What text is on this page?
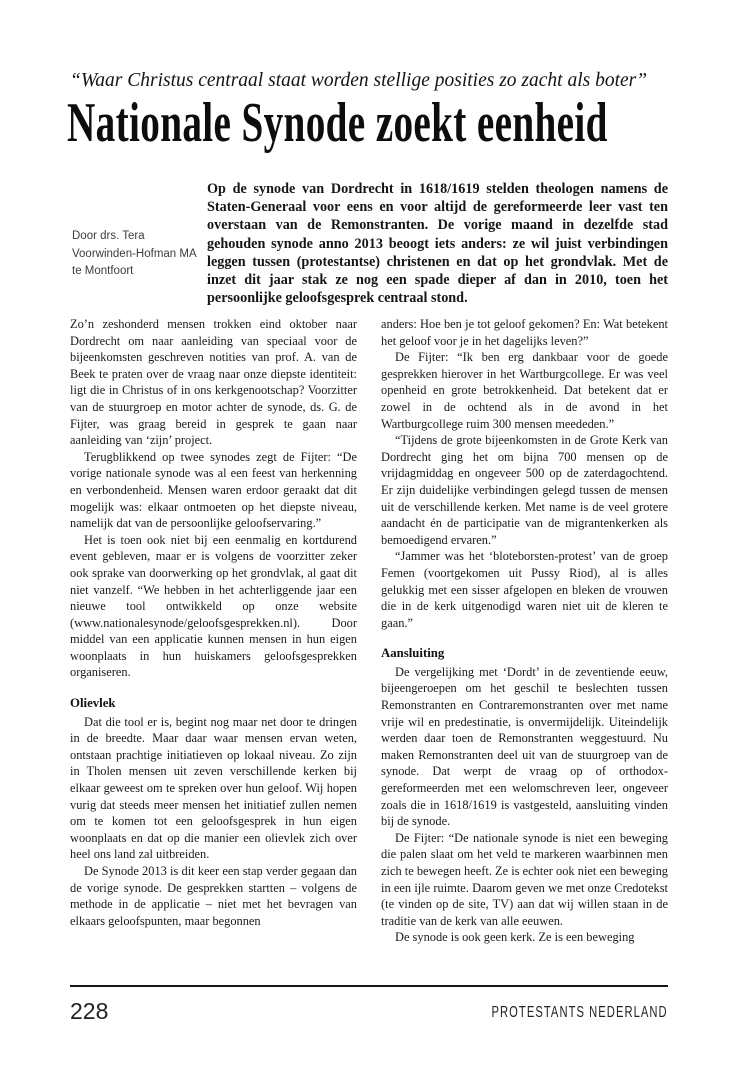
“Waar Christus centraal staat worden stellige posities zo zacht als boter”
Nationale Synode zoekt eenheid
Door drs. Tera
Voorwinden-Hofman MA
te Montfoort
Op de synode van Dordrecht in 1618/1619 stelden theologen namens de Staten-Generaal voor eens en voor altijd de gereformeerde leer vast ten overstaan van de Remonstranten. De vorige maand in dezelfde stad gehouden synode anno 2013 beoogt iets anders: ze wil juist verbindingen leggen tussen (protestantse) christenen en dat op het grondvlak. Met de inzet dit jaar stak ze nog een spade dieper af dan in 2010, toen het persoonlijke geloofsgesprek centraal stond.

Zo’n zeshonderd mensen trokken eind oktober naar Dordrecht om naar aanleiding van speciaal voor de bijeenkomsten geschreven notities van prof. A. van de Beek te praten over de vraag naar onze diepste identiteit: ligt die in Christus of in ons kerkgenootschap? Voorzitter van de stuurgroep en motor achter de synode, ds. G. de Fijter, was graag bereid in gesprek te gaan naar aanleiding van ‘zijn’ project.

Terugblikkend op twee synodes zegt de Fijter: “De vorige nationale synode was al een feest van herkenning en verbondenheid. Mensen waren erdoor geraakt dat dit mogelijk was: elkaar ontmoeten op het diepste niveau, namelijk dat van de persoonlijke geloofservaring.”

Het is toen ook niet bij een eenmalig en kortdurend event gebleven, maar er is volgens de voorzitter zeker ook sprake van doorwerking op het grondvlak, al gaat dit niet vanzelf. “We hebben in het achterliggende jaar een nieuwe tool ontwikkeld op onze website (www.nationalesynode/geloofsgesprekken.nl). Door middel van een applicatie kunnen mensen in hun eigen woonplaats in hun huiskamers geloofsgesprekken organiseren.

Olievlek

Dat die tool er is, begint nog maar net door te dringen in de breedte. Maar daar waar mensen ervan weten, ontstaan prachtige initiatieven op lokaal niveau. Zo zijn in Tholen mensen uit zeven verschillende kerken bij elkaar geweest om te spreken over hun geloof. Wij hopen vurig dat steeds meer mensen het initiatief zullen nemen om te komen tot een geloofsgesprek in hun eigen woonplaats en dat op die manier een olievlek zich over heel ons land zal uitbreiden.

De Synode 2013 is dit keer een stap verder gegaan dan de vorige synode. De gesprekken startten – volgens de methode in de applicatie – niet met het bevragen van elkaars geloofspunten, maar begonnen

anders: Hoe ben je tot geloof gekomen? En: Wat betekent het geloof voor je in het dagelijks leven?”

De Fijter: “Ik ben erg dankbaar voor de goede gesprekken hierover in het Wartburgcollege. Er was veel openheid en grote betrokkenheid. Dat betekent dat er zowel in de ochtend als in de avond in het Wartburgcollege ruim 300 mensen meededen.”

“Tijdens de grote bijeenkomsten in de Grote Kerk van Dordrecht ging het om bijna 700 mensen op de vrijdagmiddag en ongeveer 500 op de zaterdagochtend. Er zijn duidelijke verbindingen gelegd tussen de mensen uit de verschillende kerken. Met name is de veel grotere aandacht én de participatie van de migrantenkerken als bemoedigend ervaren.”

“Jammer was het ‘bloteborsten-protest’ van de groep Femen (voortgekomen uit Pussy Riod), al is alles gelukkig met een sisser afgelopen en bleken de vrouwen die in de kerk uitgenodigd waren niet uit de kleren te gaan.”

Aansluiting

De vergelijking met ‘Dordt’ in de zeventiende eeuw, bijeengeroepen om het geschil te beslechten tussen Remonstranten en Contraremonstranten over met name vrije wil en predestinatie, is onvermijdelijk. Uiteindelijk werden daar toen de Remonstranten weggestuurd. Nu maken Remonstranten deel uit van de stuurgroep van de synode. Dat werpt de vraag op of orthodox-gereformeerden met een welomschreven leer, ongeveer zoals die in 1618/1619 is vastgesteld, aansluiting vinden bij de synode.

De Fijter: “De nationale synode is niet een beweging die palen slaat om het veld te markeren waarbinnen men zich te bewegen heeft. Ze is echter ook niet een beweging in een ijle ruimte. Daarom geven we met onze Credotekst (te vinden op de site, TV) aan dat wij willen staan in de traditie van de kerk van alle eeuwen.

De synode is ook geen kerk. Ze is een beweging

228	PROTESTANTS NEDERLAND
